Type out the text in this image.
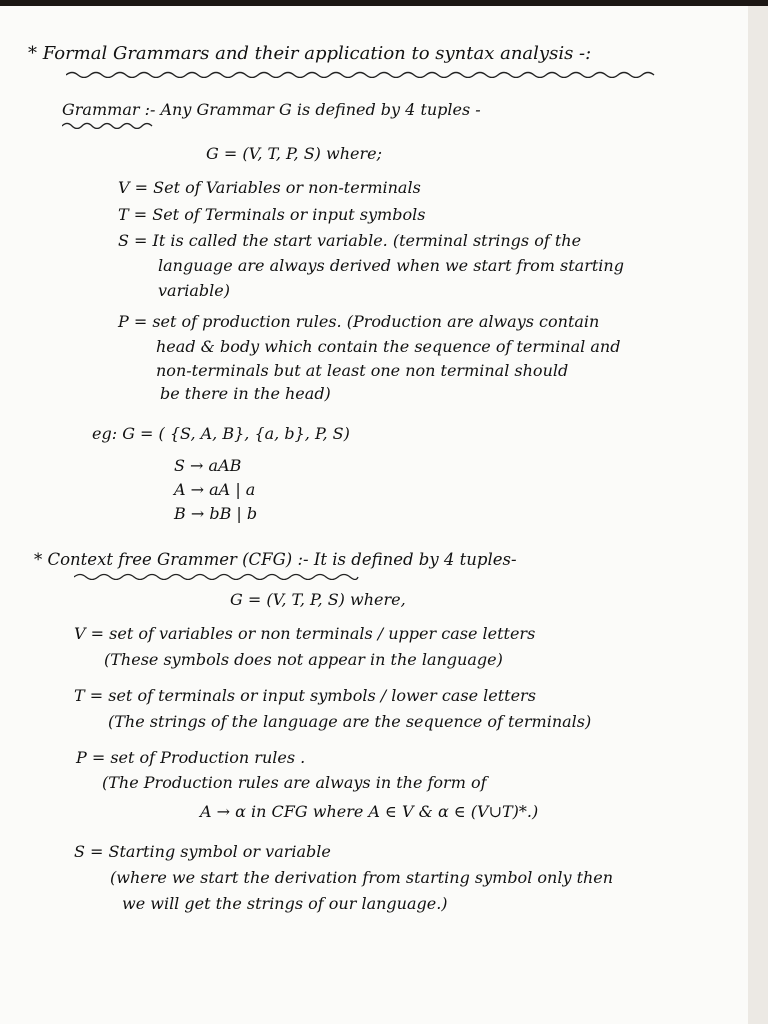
* Formal Grammars and their application to syntax analysis -:
Grammar :- Any Grammar G is defined by 4 tuples -
G = (V, T, P, S) where;
V = Set of Variables or non-terminals
T = Set of Terminals or input symbols
S = It is called the start variable. (terminal strings of the
language are always derived when we start from starting
variable)
P = set of production rules. (Production are always contain
head & body which contain the sequence of terminal and
non-terminals but at least one non terminal should
be there in the head)
eg: G = ( {S, A, B}, {a, b}, P, S)
S → aAB
A → aA | a
B → bB | b
* Context free Grammer (CFG) :- It is defined by 4 tuples-
G = (V, T, P, S) where,
V = set of variables or non terminals / upper case letters
(These symbols does not appear in the language)
T = set of terminals or input symbols / lower case letters
(The strings of the language are the sequence of terminals)
P = set of Production rules .
(The Production rules are always in the form of
A → α in CFG where A ∈ V & α ∈ (V∪T)*.)
S = Starting symbol or variable
(where we start the derivation from starting symbol only then
we will get the strings of our language.)
